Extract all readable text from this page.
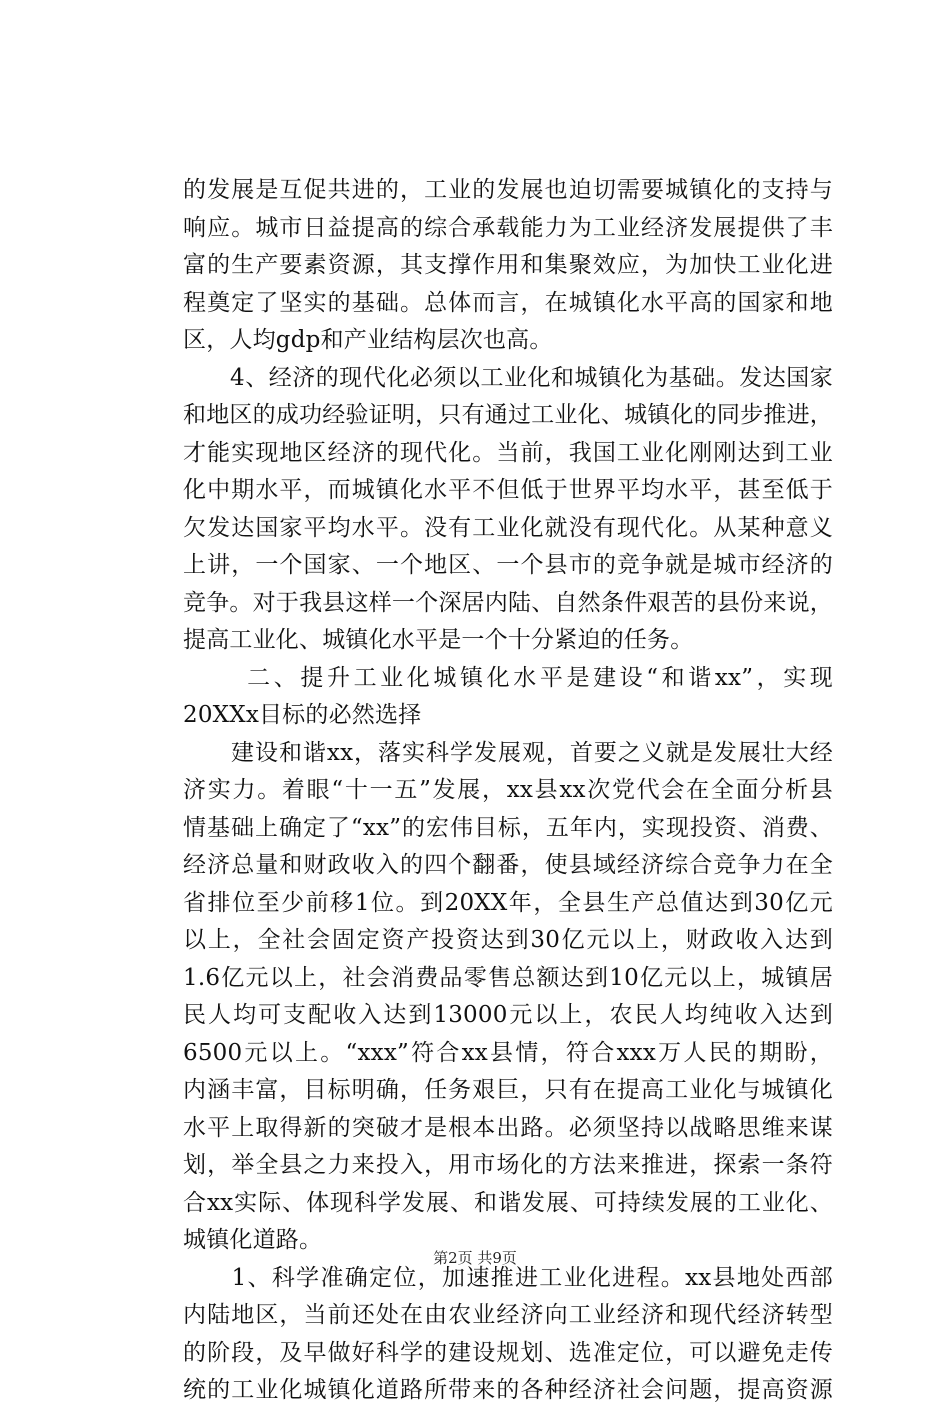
的发展是互促共进的，工业的发展也迫切需要城镇化的支持与
响应。城市日益提高的综合承载能力为工业经济发展提供了丰
富的生产要素资源，其支撑作用和集聚效应，为加快工业化进
程奠定了坚实的基础。总体而言，在城镇化水平高的国家和地
区，人均gdp和产业结构层次也高。
　　4、经济的现代化必须以工业化和城镇化为基础。发达国家
和地区的成功经验证明，只有通过工业化、城镇化的同步推进，
才能实现地区经济的现代化。当前，我国工业化刚刚达到工业
化中期水平，而城镇化水平不但低于世界平均水平，甚至低于
欠发达国家平均水平。没有工业化就没有现代化。从某种意义
上讲，一个国家、一个地区、一个县市的竞争就是城市经济的
竞争。对于我县这样一个深居内陆、自然条件艰苦的县份来说，
提高工业化、城镇化水平是一个十分紧迫的任务。
　　 二、提升工业化城镇化水平是建设“和谐xx”，实现
20XXx目标的必然选择
　　建设和谐xx，落实科学发展观，首要之义就是发展壮大经
济实力。着眼“十一五”发展，xx县xx次党代会在全面分析县
情基础上确定了“xx”的宏伟目标，五年内，实现投资、消费、
经济总量和财政收入的四个翻番，使县域经济综合竞争力在全
省排位至少前移1位。到20XX年，全县生产总值达到30亿元
以上，全社会固定资产投资达到30亿元以上，财政收入达到
1.6亿元以上，社会消费品零售总额达到10亿元以上，城镇居
民人均可支配收入达到13000元以上，农民人均纯收入达到
6500元以上。“xxx”符合xx县情，符合xxx万人民的期盼，
内涵丰富，目标明确，任务艰巨，只有在提高工业化与城镇化
水平上取得新的突破才是根本出路。必须坚持以战略思维来谋
划，举全县之力来投入，用市场化的方法来推进，探索一条符
合xx实际、体现科学发展、和谐发展、可持续发展的工业化、
城镇化道路。
　　1、科学准确定位，加速推进工业化进程。xx县地处西部
内陆地区，当前还处在由农业经济向工业经济和现代经济转型
的阶段，及早做好科学的建设规划、选准定位，可以避免走传
统的工业化城镇化道路所带来的各种经济社会问题，提高资源
第2页 共9页
